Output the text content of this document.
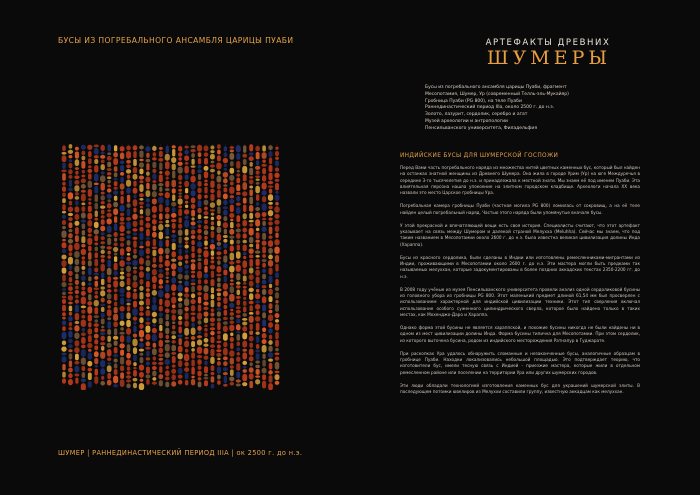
БУСЫ ИЗ ПОГРЕБАЛЬНОГО АНСАМБЛЯ ЦАРИЦЫ ПУАБИ
ШУМЕР | РАННЕДИНАСТИЧЕСКИЙ ПЕРИОД IIIA | ок 2500 г. до н.э.
АРТЕФАКТЫ ДРЕВНИХ
ШУМЕРЫ
Бусы из погребального ансамбля царицы Пуаби, фрагмент
Месопотамия, Шумер, Ур (современный Телль-эль-Мукайяр)
Гробница Пуаби (PG 800), на теле Пуаби
Раннединастический период IIIа, около 2500 г. до н.э.
Золото, лазурит, сердолик, серебро и агат
Музей археологии и антропологии
Пенсильванского университета, Филадельфия
ИНДИЙСКИЕ БУСЫ ДЛЯ ШУМЕРСКОЙ ГОСПОЖИ

Перед Вами часть погребального наряда из множества нитей цветных каменных бус, который был найден на останках знатной женщины из Древнего Шумера. Она жила в городе Урим (Ур) на юге Междуречья в середине 3-го тысячелетия до н.э. и принадлежала к местной знати. Мы знаем её под именем Пуаби. Эта влиятельная персона нашла упокоение на элитном городском кладбище. Археологи начала XX века назвали это место Царское гробницы Ура.

Погребальная камера гробницы Пуаби (частная могила PG 800) ломилась от сокровищ, а на её теле найден целый погребальный наряд. Частью этого наряда были упомянутые вначале бусы.

У этой прекрасной и впечатляющей вещи есть своя история. Специалисты считают, что этот артефакт указывает на связь между Шумером и далекой страной Мелухха (Meluhha). Сейчас мы знаем, что под таким названием в Месопотамии около 2600 г. до н.э. была известна великая цивилизация долины Инда (Хараппа).

Бусы из красного сердолика, были сделаны в Индии или изготовлены ремесленниками-мигрантами из Индии, проживающими в Месопотамии около 2600 г. до н.э. Эти мастера могли быть предками так называемых мелуххан, которые задокументированы в более поздних аккадских текстах 2350-2200 гг. до н.э.

В 2008 году учёные из музея Пенсильванского университета провели анализ одной сердоликовой бусины из головного убора из гробницы PG 800. Этот маленький предмет длиной 61,54 мм был просверлен с использованием характерной для индийской цивилизации техники. Этот тип сверления включал использование особого суженного цилиндрического сверла, которое было найдено только в таких местах, как Мохенджо-Даро и Хараппа.

Однако форма этой бусины не является хараппской, и похожие бусины никогда не были найдены ни в одном из мест цивилизации долины Инда. Форма бусины типична для Месопотамии. При этом сердолик, из которого выточена бусина, родом из индийского месторождения Ратнапур в Гуджарате.

При раскопках Ура удалось обнаружить сломанные и незаконченные бусы, аналогичные образцам в гробнице Пуаби. Находки локализовались небольшой площадью. Это подтверждает теорию, что изготовители бус, имели тесную связь с Индией - приезжие мастера, которые жили в отдельном ремесленном районе или поселении на территории Ура или других шумерских городов.

Эти люди обладали технологией изготовления каменных бус для украшений шумерской элиты. В последующем потомки ювелиров из Мелуххи составили группу, известную аккадцам как мелуххан.
